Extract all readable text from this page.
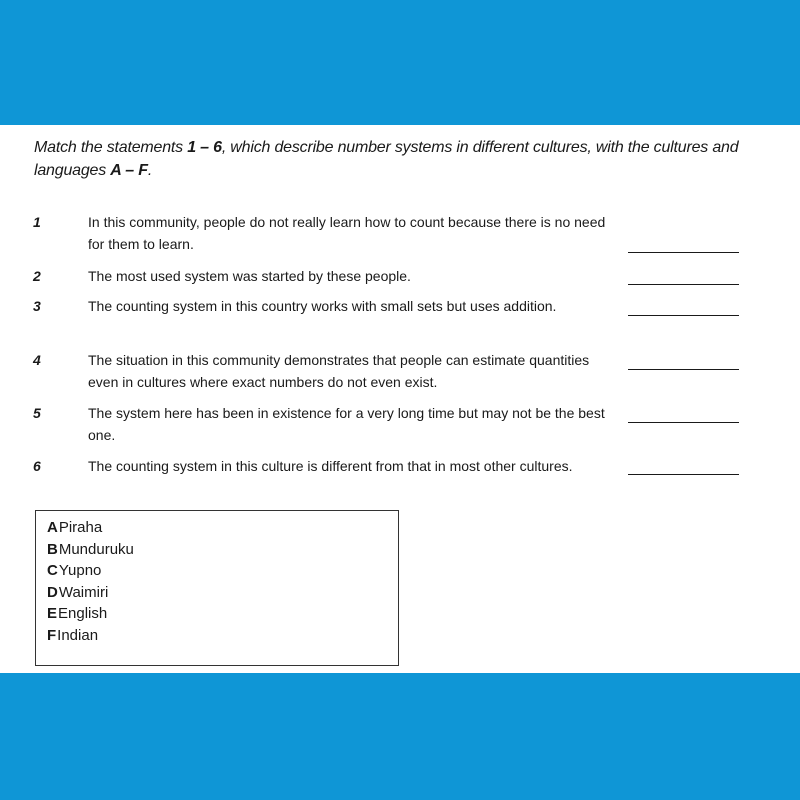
Match the statements 1 – 6, which describe number systems in different cultures, with the cultures and languages A – F.
1	In this community, people do not really learn how to count because there is no need for them to learn.
2	The most used system was started by these people.
3	The counting system in this country works with small sets but uses addition.
4	The situation in this community demonstrates that people can estimate quantities even in cultures where exact numbers do not even exist.
5	The system here has been in existence for a very long time but may not be the best one.
6	The counting system in this culture is different from that in most other cultures.
APiraha
BMunduruku
CYupno
DWaimiri
EEnglish
FIndian
